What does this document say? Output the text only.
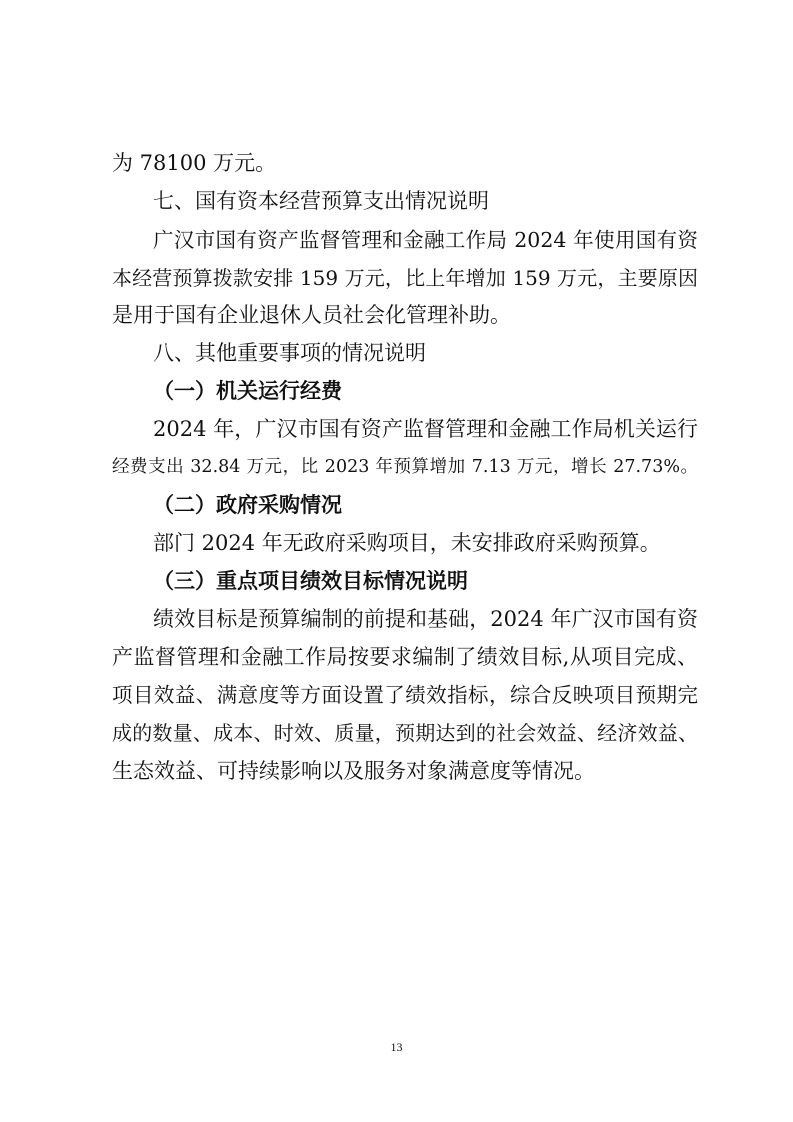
为 78100 万元。
七、国有资本经营预算支出情况说明
广汉市国有资产监督管理和金融工作局 2024 年使用国有资
本经营预算拨款安排 159 万元，比上年增加 159 万元，主要原因
是用于国有企业退休人员社会化管理补助。
八、其他重要事项的情况说明
（一）机关运行经费
2024 年，广汉市国有资产监督管理和金融工作局机关运行
经费支出 32.84 万元，比 2023 年预算增加 7.13 万元，增长 27.73%。
（二）政府采购情况
部门 2024 年无政府采购项目，未安排政府采购预算。
（三）重点项目绩效目标情况说明
绩效目标是预算编制的前提和基础，2024 年广汉市国有资
产监督管理和金融工作局按要求编制了绩效目标,从项目完成、
项目效益、满意度等方面设置了绩效指标，综合反映项目预期完
成的数量、成本、时效、质量，预期达到的社会效益、经济效益、
生态效益、可持续影响以及服务对象满意度等情况。
13
